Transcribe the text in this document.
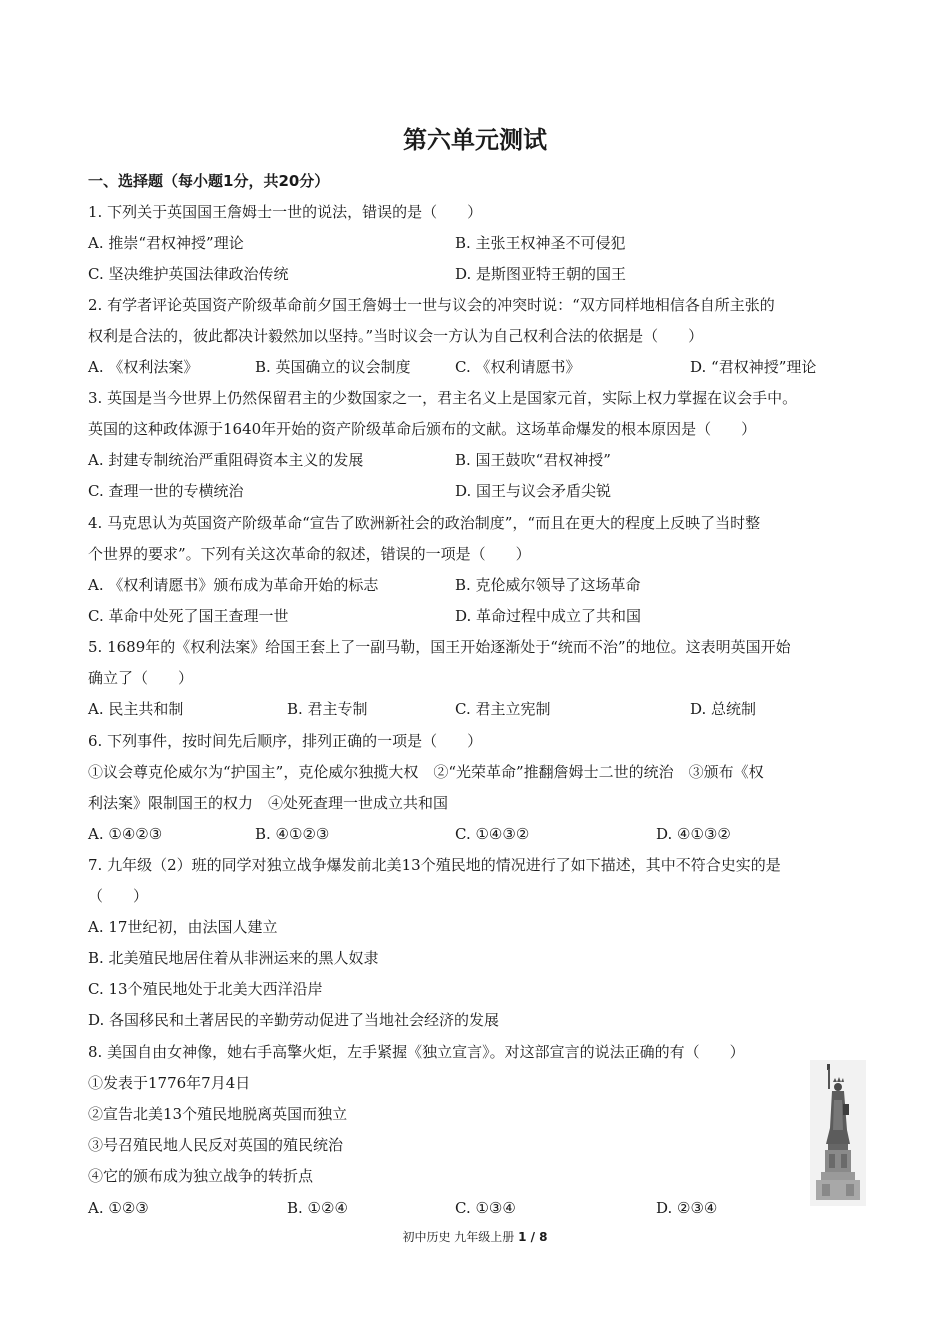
第六单元测试
一、选择题（每小题1分，共20分）
1. 下列关于英国国王詹姆士一世的说法，错误的是（　　）
A. 推崇“君权神授”理论	B. 主张王权神圣不可侵犯
C. 坚决维护英国法律政治传统	D. 是斯图亚特王朝的国王
2. 有学者评论英国资产阶级革命前夕国王詹姆士一世与议会的冲突时说：“双方同样地相信各自所主张的
权利是合法的，彼此都决计毅然加以坚持。”当时议会一方认为自己权利合法的依据是（　　）
A. 《权利法案》	B. 英国确立的议会制度	C. 《权利请愿书》	D. “君权神授”理论
3. 英国是当今世界上仍然保留君主的少数国家之一，君主名义上是国家元首，实际上权力掌握在议会手中。
英国的这种政体源于1640年开始的资产阶级革命后颁布的文献。这场革命爆发的根本原因是（　　）
A. 封建专制统治严重阻碍资本主义的发展	B. 国王鼓吹“君权神授”
C. 查理一世的专横统治	D. 国王与议会矛盾尖锐
4. 马克思认为英国资产阶级革命“宣告了欧洲新社会的政治制度”，“而且在更大的程度上反映了当时整
个世界的要求”。下列有关这次革命的叙述，错误的一项是（　　）
A. 《权利请愿书》颁布成为革命开始的标志	B. 克伦威尔领导了这场革命
C. 革命中处死了国王查理一世	D. 革命过程中成立了共和国
5. 1689年的《权利法案》给国王套上了一副马勒，国王开始逐渐处于“统而不治”的地位。这表明英国开始
确立了（　　）
A. 民主共和制	B. 君主专制	C. 君主立宪制	D. 总统制
6. 下列事件，按时间先后顺序，排列正确的一项是（　　）
①议会尊克伦威尔为“护国主”，克伦威尔独揽大权　②“光荣革命”推翻詹姆士二世的统治　③颁布《权
利法案》限制国王的权力　④处死查理一世成立共和国
A. ①④②③	B. ④①②③	C. ①④③②	D. ④①③②
7. 九年级（2）班的同学对独立战争爆发前北美13个殖民地的情况进行了如下描述，其中不符合史实的是
（　　）
A. 17世纪初，由法国人建立
B. 北美殖民地居住着从非洲运来的黑人奴隶
C. 13个殖民地处于北美大西洋沿岸
D. 各国移民和土著居民的辛勤劳动促进了当地社会经济的发展
8. 美国自由女神像，她右手高擎火炬，左手紧握《独立宣言》。对这部宣言的说法正确的有（　　）
①发表于1776年7月4日
②宣告北美13个殖民地脱离英国而独立
③号召殖民地人民反对英国的殖民统治
④它的颁布成为独立战争的转折点
A. ①②③	B. ①②④	C. ①③④	D. ②③④
初中历史 九年级上册 1 / 8
